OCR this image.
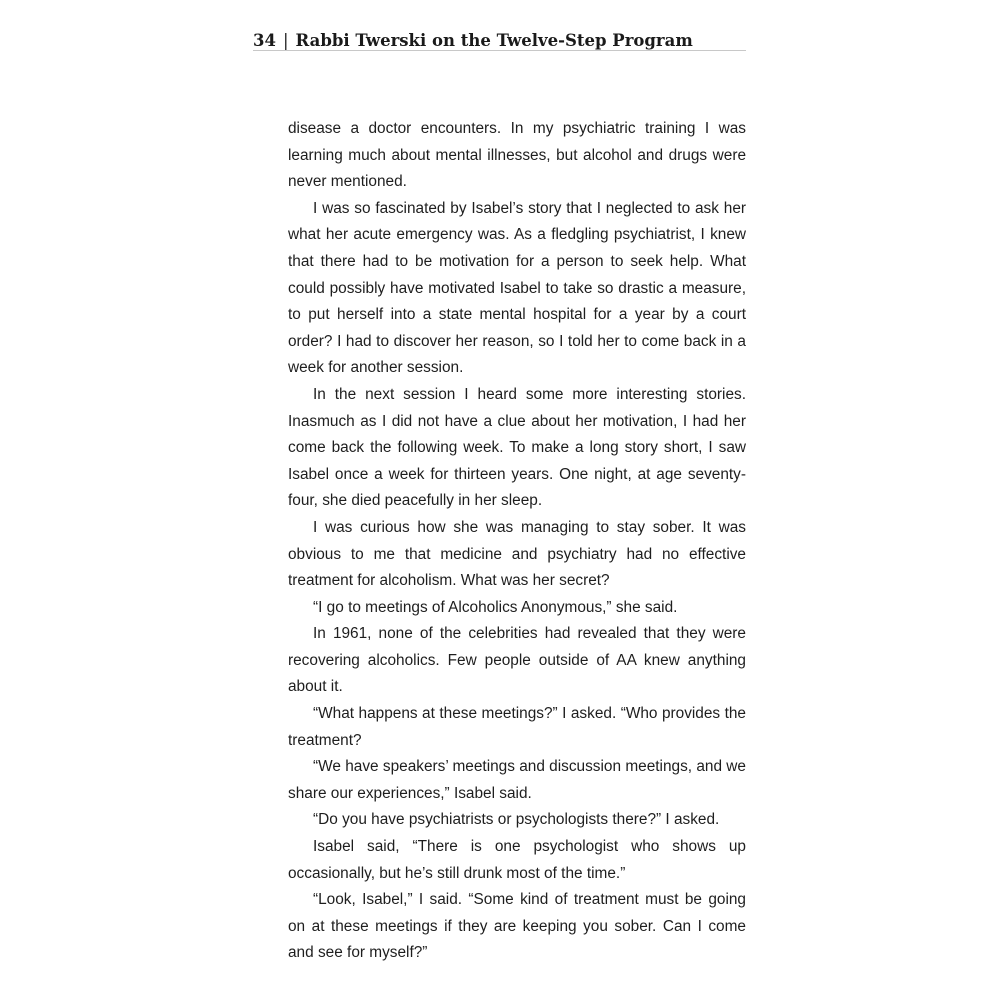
34 | Rabbi Twerski on the Twelve-Step Program

disease a doctor encounters. In my psychiatric training I was learning much about mental illnesses, but alcohol and drugs were never mentioned.

I was so fascinated by Isabel’s story that I neglected to ask her what her acute emergency was. As a fledgling psychiatrist, I knew that there had to be motivation for a person to seek help. What could possibly have motivated Isabel to take so drastic a measure, to put herself into a state mental hospital for a year by a court order? I had to discover her reason, so I told her to come back in a week for another session.

In the next session I heard some more interesting stories. Inasmuch as I did not have a clue about her motivation, I had her come back the following week. To make a long story short, I saw Isabel once a week for thirteen years. One night, at age seventy-four, she died peacefully in her sleep.

I was curious how she was managing to stay sober. It was obvious to me that medicine and psychiatry had no effective treatment for alcoholism. What was her secret?

“I go to meetings of Alcoholics Anonymous,” she said.

In 1961, none of the celebrities had revealed that they were recovering alcoholics. Few people outside of AA knew anything about it.

“What happens at these meetings?” I asked. “Who provides the treatment?

“We have speakers’ meetings and discussion meetings, and we share our experiences,” Isabel said.

“Do you have psychiatrists or psychologists there?” I asked.

Isabel said, “There is one psychologist who shows up occasionally, but he’s still drunk most of the time.”

“Look, Isabel,” I said. “Some kind of treatment must be going on at these meetings if they are keeping you sober. Can I come and see for myself?”
